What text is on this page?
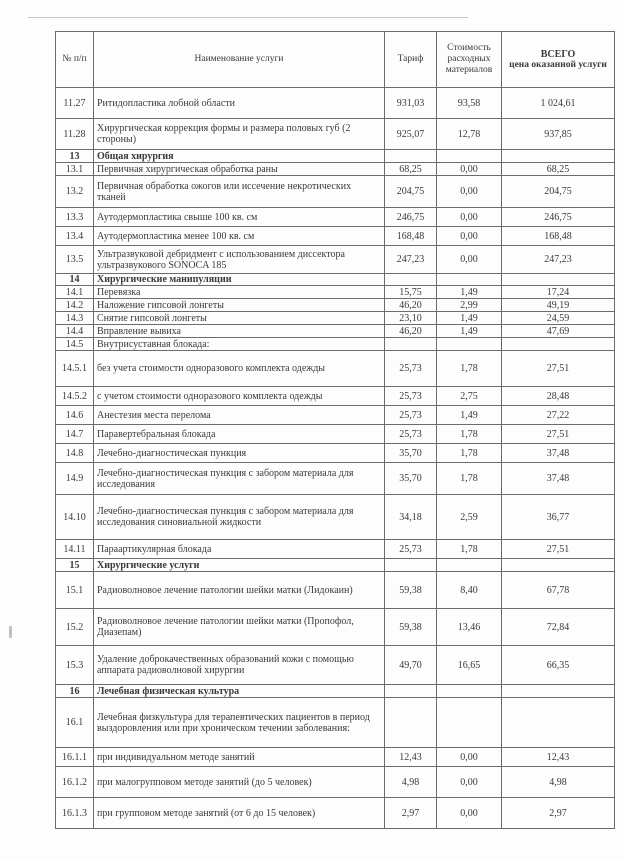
№ п/п	Наименование услуги	Тариф	Стоимость расходных материалов	ВСЕГО
цена оказанной услуги

11.27	Ритидопластика лобной области	931,03	93,58	1 024,61
11.28	Хирургическая коррекция формы и размера половых губ (2 стороны)	925,07	12,78	937,85
13	Общая хирургия			
13.1	Первичная хирургическая обработка раны	68,25	0,00	68,25
13.2	Первичная обработка ожогов или иссечение некротических тканей	204,75	0,00	204,75
13.3	Аутодермопластика свыше 100 кв. см	246,75	0,00	246,75
13.4	Аутодермопластика менее 100 кв. см	168,48	0,00	168,48
13.5	Ультразвуковой дебридмент с использованием диссектора ультразвукового SONOCA 185	247,23	0,00	247,23
14	Хирургические манипуляции			
14.1	Перевязка	15,75	1,49	17,24
14.2	Наложение гипсовой лонгеты	46,20	2,99	49,19
14.3	Снятие гипсовой лонгеты	23,10	1,49	24,59
14.4	Вправление вывиха	46,20	1,49	47,69
14.5	Внутрисуставная блокада:			
14.5.1	без учета стоимости одноразового комплекта одежды	25,73	1,78	27,51
14.5.2	с учетом стоимости одноразового комплекта одежды	25,73	2,75	28,48
14.6	Анестезия места перелома	25,73	1,49	27,22
14.7	Паравертебральная блокада	25,73	1,78	27,51
14.8	Лечебно-диагностическая пункция	35,70	1,78	37,48
14.9	Лечебно-диагностическая пункция с забором материала для исследования	35,70	1,78	37,48
14.10	Лечебно-диагностическая пункция с забором материала для исследования синовиальной жидкости	34,18	2,59	36,77
14.11	Параартикулярная блокада	25,73	1,78	27,51
15	Хирургические услуги			
15.1	Радиоволновое лечение патологии шейки матки (Лидокаин)	59,38	8,40	67,78
15.2	Радиоволновое лечение патологии шейки матки (Пропофол, Диазепам)	59,38	13,46	72,84
15.3	Удаление доброкачественных образований кожи с помощью аппарата радиоволновой хирургии	49,70	16,65	66,35
16	Лечебная физическая культура			
16.1	Лечебная физкультура для терапевтических пациентов в период выздоровления или при хроническом течении заболевания:			
16.1.1	при индивидуальном методе занятий	12,43	0,00	12,43
16.1.2	при малогрупповом методе занятий (до 5 человек)	4,98	0,00	4,98
16.1.3	при групповом методе занятий (от 6 до 15 человек)	2,97	0,00	2,97
